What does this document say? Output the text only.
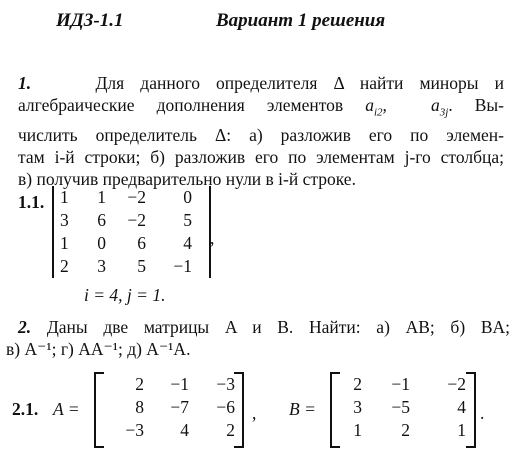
ИДЗ-1.1	Вариант 1 решения
1.	Для данного определителя Δ найти миноры и
алгебраические дополнения элементов $a_{i2}$,  $a_{3j}$. Вы-
числить определитель Δ: а) разложив его по элемен-
там i-й строки; б) разложив его по элементам j-го столбца;
в) получив предварительно нули в i-й строке.
1.1. 1	1	−2	0
3	6	−2	5
1	0	6	4
2	3	5	−1
,
i = 4, j = 1.
2. Даны две матрицы A и B. Найти: а) AB; б) BA;
в) A⁻¹; г) AA⁻¹; д) A⁻¹A.
2.1. A =
2	−1	−3
8	−7	−6
−3	4	2
, B =
2	−1	−2
3	−5	4
1	2	1
.
